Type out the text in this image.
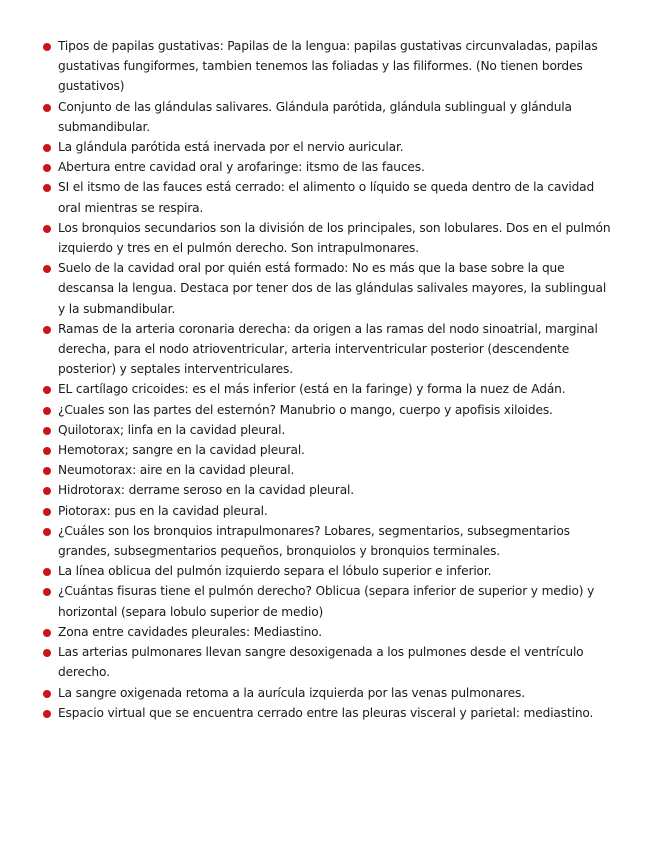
Tipos de papilas gustativas: Papilas de la lengua: papilas gustativas circunvaladas, papilas gustativas fungiformes, tambien tenemos las foliadas y las filiformes. (No tienen bordes gustativos)
Conjunto de las glándulas salivares. Glándula parótida, glándula sublingual y glándula submandibular.
La glándula parótida está inervada por el nervio auricular.
Abertura entre cavidad oral y arofaringe: itsmo de las fauces.
SI el itsmo de las fauces está cerrado: el alimento o líquido se queda dentro de la cavidad oral mientras se respira.
Los bronquios secundarios son la división de los principales, son lobulares. Dos en el pulmón izquierdo y tres en el pulmón derecho. Son intrapulmonares.
Suelo de la cavidad oral por quién está formado: No es más que la base sobre la que descansa la lengua. Destaca por tener dos de las glándulas salivales mayores, la sublingual y la submandibular.
Ramas de la arteria coronaria derecha: da origen a las ramas del nodo sinoatrial, marginal derecha, para el nodo atrioventricular, arteria interventricular posterior (descendente posterior) y septales interventriculares.
EL cartílago cricoides: es el más inferior (está en la faringe) y forma la nuez de Adán.
¿Cuales son las partes del esternón? Manubrio o mango, cuerpo y apofisis xiloides.
Quilotorax; linfa en la cavidad pleural.
Hemotorax; sangre en la cavidad pleural.
Neumotorax: aire en la cavidad pleural.
Hidrotorax: derrame seroso en la cavidad pleural.
Piotorax: pus en la cavidad pleural.
¿Cuáles son los bronquios intrapulmonares? Lobares, segmentarios, subsegmentarios grandes, subsegmentarios pequeños, bronquiolos y bronquios terminales.
La línea oblicua del pulmón izquierdo separa el lóbulo superior e inferior.
¿Cuántas fisuras tiene el pulmón derecho? Oblicua (separa inferior de superior y medio) y horizontal (separa lobulo superior de medio)
Zona entre cavidades pleurales: Mediastino.
Las arterias pulmonares llevan sangre desoxigenada a los pulmones desde el ventrículo derecho.
La sangre oxigenada retoma a la aurícula izquierda por las venas pulmonares.
Espacio virtual que se encuentra cerrado entre las pleuras visceral y parietal: mediastino.
